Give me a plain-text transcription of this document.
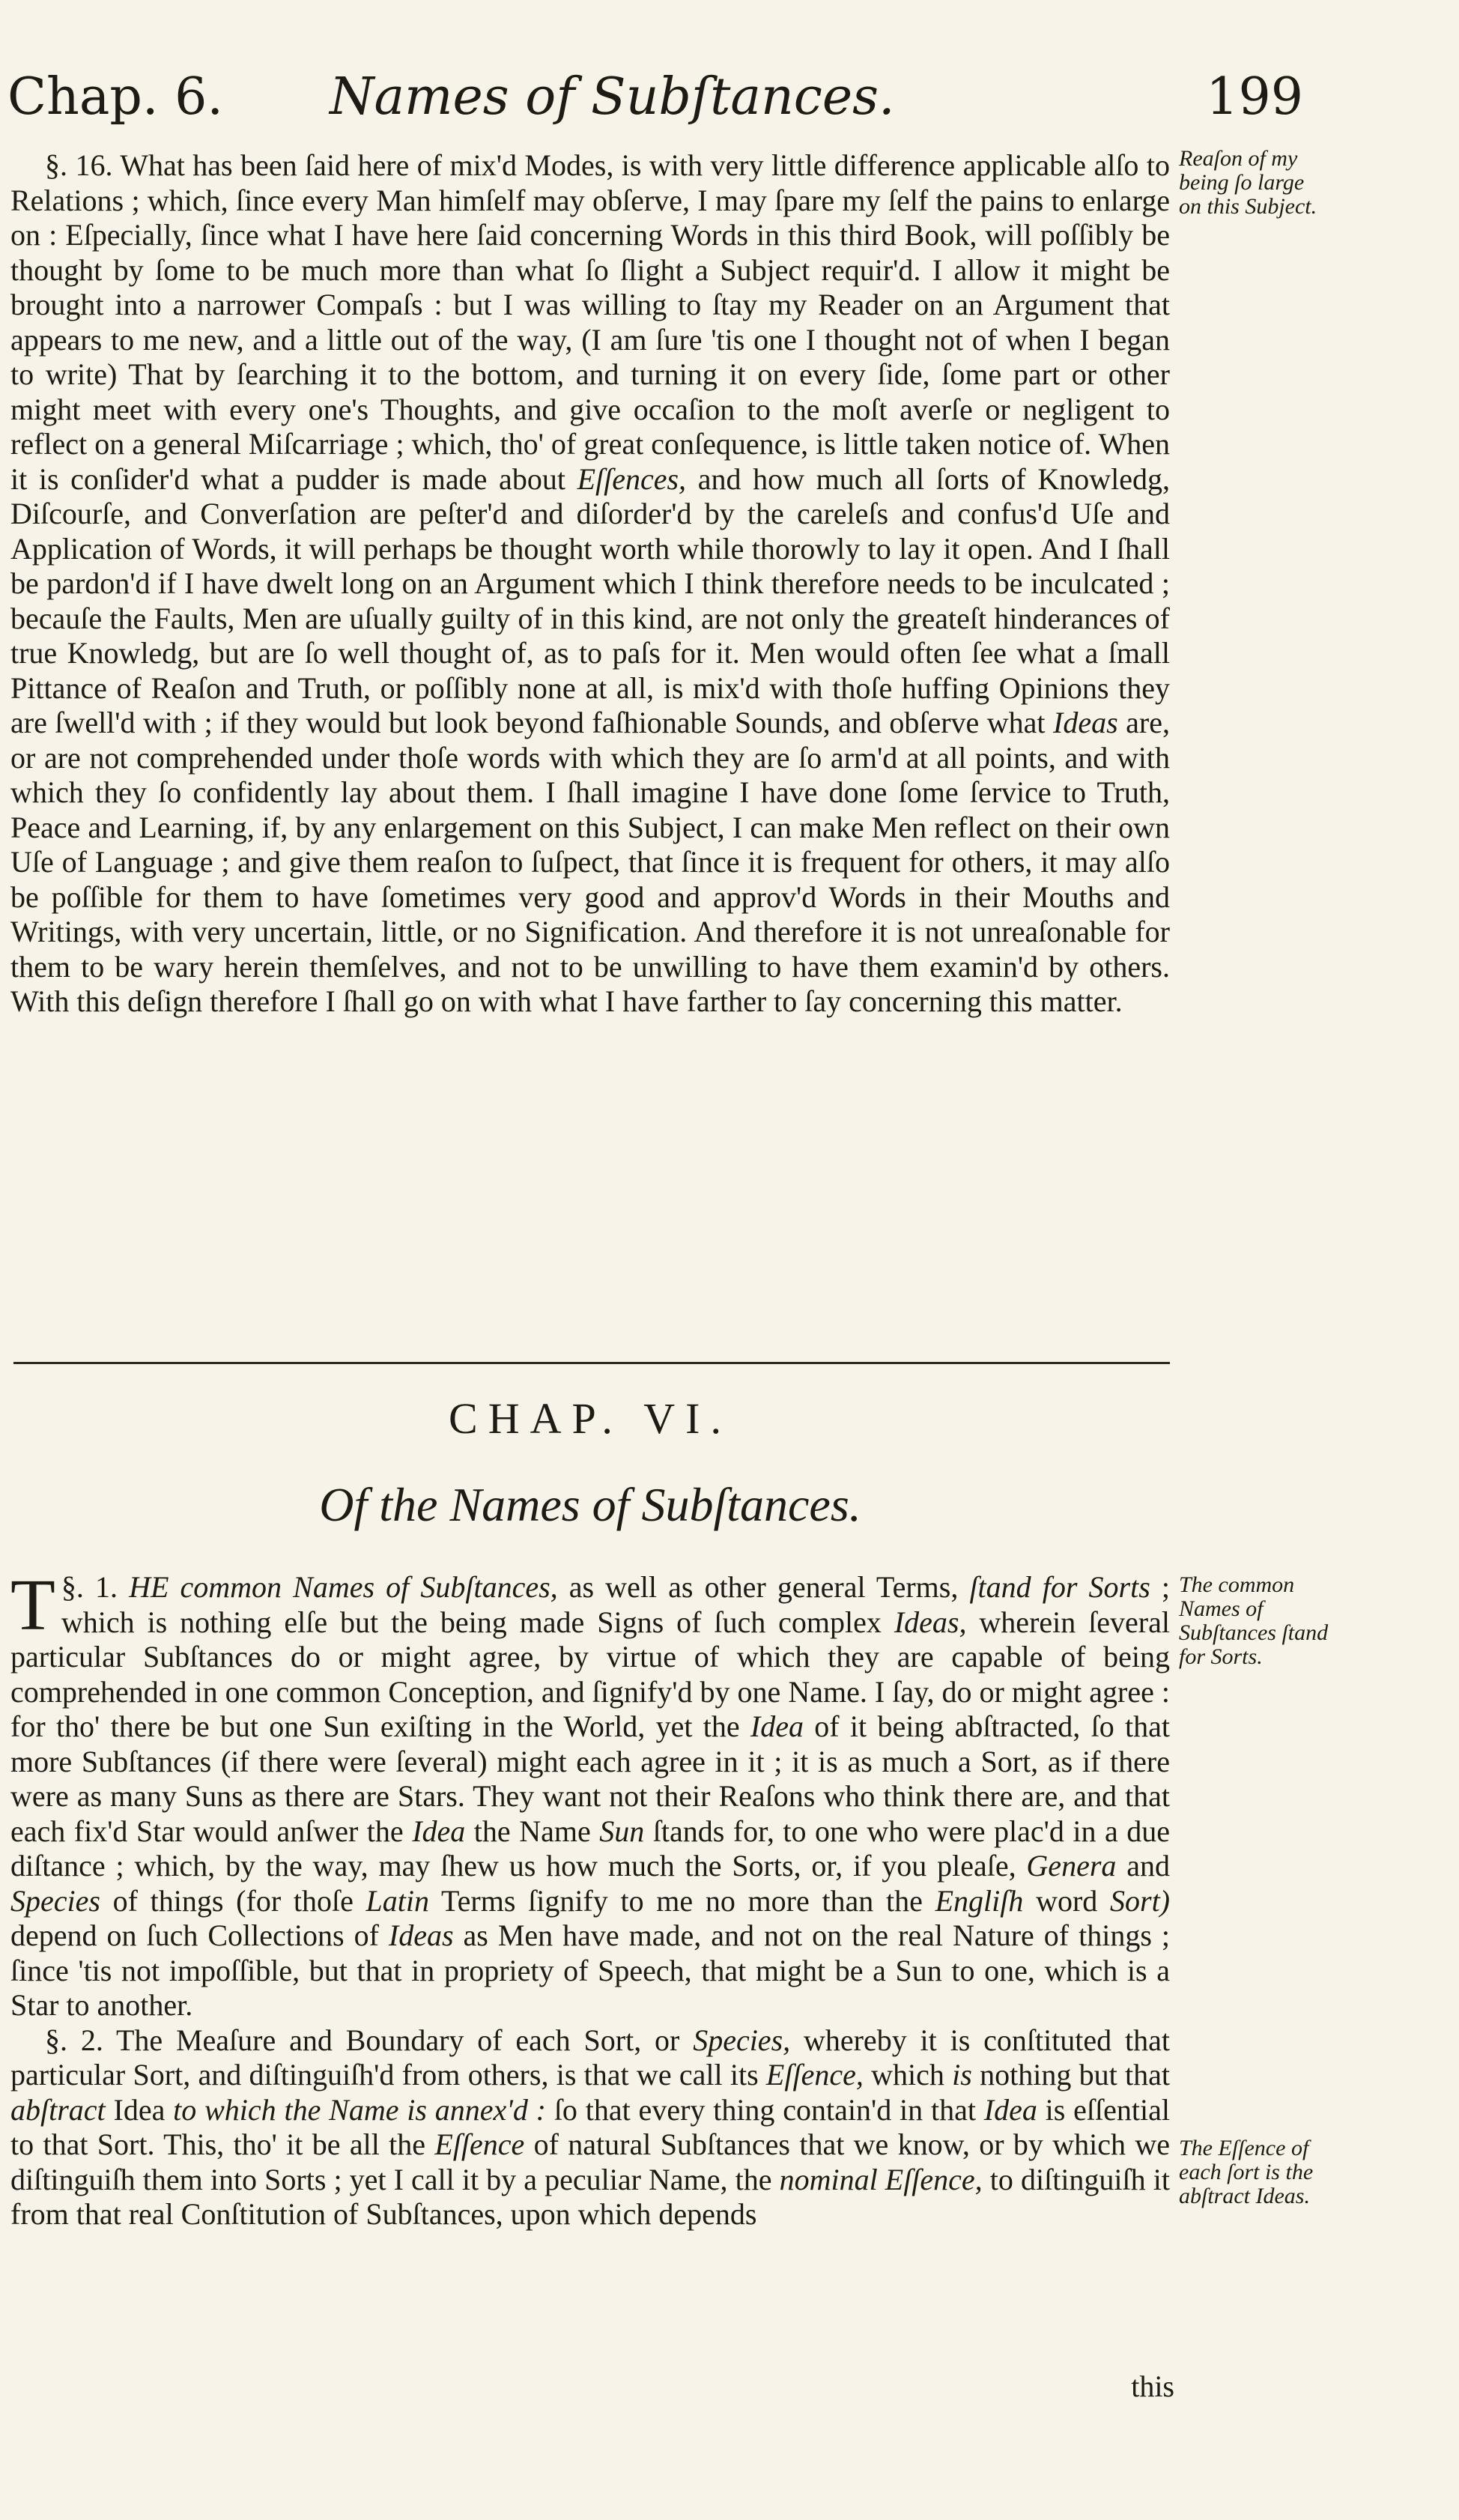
Chap. 6. Names of Subſtances.	199

§. 16. What has been ſaid here of mix'd Modes, is with very little difference applicable alſo to Relations ; which, ſince every Man himſelf may obſerve, I may ſpare my ſelf the pains to enlarge on : Eſpecially, ſince what I have here ſaid concerning Words in this third Book, will poſſibly be thought by ſome to be much more than what ſo ſlight a Subject requir'd. I allow it might be brought into a narrower Compaſs : but I was willing to ſtay my Reader on an Argument that appears to me new, and a little out of the way, (I am ſure 'tis one I thought not of when I began to write) That by ſearching it to the bottom, and turning it on every ſide, ſome part or other might meet with every one's Thoughts, and give occaſion to the moſt averſe or negligent to reflect on a general Miſcarriage ; which, tho' of great conſequence, is little taken notice of. When it is conſider'd what a pudder is made about Eſſences, and how much all ſorts of Knowledg, Diſcourſe, and Converſation are peſter'd and diſorder'd by the careleſs and confus'd Uſe and Application of Words, it will perhaps be thought worth while thorowly to lay it open. And I ſhall be pardon'd if I have dwelt long on an Argument which I think therefore needs to be inculcated ; becauſe the Faults, Men are uſually guilty of in this kind, are not only the greateſt hinderances of true Knowledg, but are ſo well thought of, as to paſs for it. Men would often ſee what a ſmall Pittance of Reaſon and Truth, or poſſibly none at all, is mix'd with thoſe huffing Opinions they are ſwell'd with ; if they would but look beyond faſhionable Sounds, and obſerve what Ideas are, or are not comprehended under thoſe words with which they are ſo arm'd at all points, and with which they ſo confidently lay about them. I ſhall imagine I have done ſome ſervice to Truth, Peace and Learning, if, by any enlargement on this Subject, I can make Men reflect on their own Uſe of Language ; and give them reaſon to ſuſpect, that ſince it is frequent for others, it may alſo be poſſible for them to have ſometimes very good and approv'd Words in their Mouths and Writings, with very uncertain, little, or no Signification. And therefore it is not unreaſonable for them to be wary herein themſelves, and not to be unwilling to have them examin'd by others. With this deſign therefore I ſhall go on with what I have farther to ſay concerning this matter.

Reaſon of my being ſo large on this Subject.
CHAP. VI.
Of the Names of Subſtances.

§. 1.
T HE common Names of Subſtances, as well as other general Terms, ſtand for Sorts ; which is nothing elſe but the being made Signs of ſuch complex Ideas, wherein ſeveral particular Subſtances do or might agree, by virtue of which they are capable of being comprehended in one common Conception, and ſignify'd by one Name. I ſay, do or might agree : for tho' there be but one Sun exiſting in the World, yet the Idea of it being abſtracted, ſo that more Subſtances (if there were ſeveral) might each agree in it ; it is as much a Sort, as if there were as many Suns as there are Stars. They want not their Reaſons who think there are, and that each fix'd Star would anſwer the Idea the Name Sun ſtands for, to one who were plac'd in a due diſtance ; which, by the way, may ſhew us how much the Sorts, or, if you pleaſe, Genera and Species of things (for thoſe Latin Terms ſignify to me no more than the Engliſh word Sort) depend on ſuch Collections of Ideas as Men have made, and not on the real Nature of things ; ſince 'tis not impoſſible, but that in propriety of Speech, that might be a Sun to one, which is a Star to another.

§. 2. The Meaſure and Boundary of each Sort, or Species, whereby it is conſtituted that particular Sort, and diſtinguiſh'd from others, is that we call its Eſſence, which is nothing but that abſtract Idea to which the Name is annex'd : ſo that every thing contain'd in that Idea is eſſential to that Sort. This, tho' it be all the Eſſence of natural Subſtances that we know, or by which we diſtinguiſh them into Sorts ; yet I call it by a peculiar Name, the nominal Eſſence, to diſtinguiſh it from that real Conſtitution of Subſtances, upon which depends

The common Names of Subſtances ſtand for Sorts.
The Eſſence of each ſort is the abſtract Ideas.
this
